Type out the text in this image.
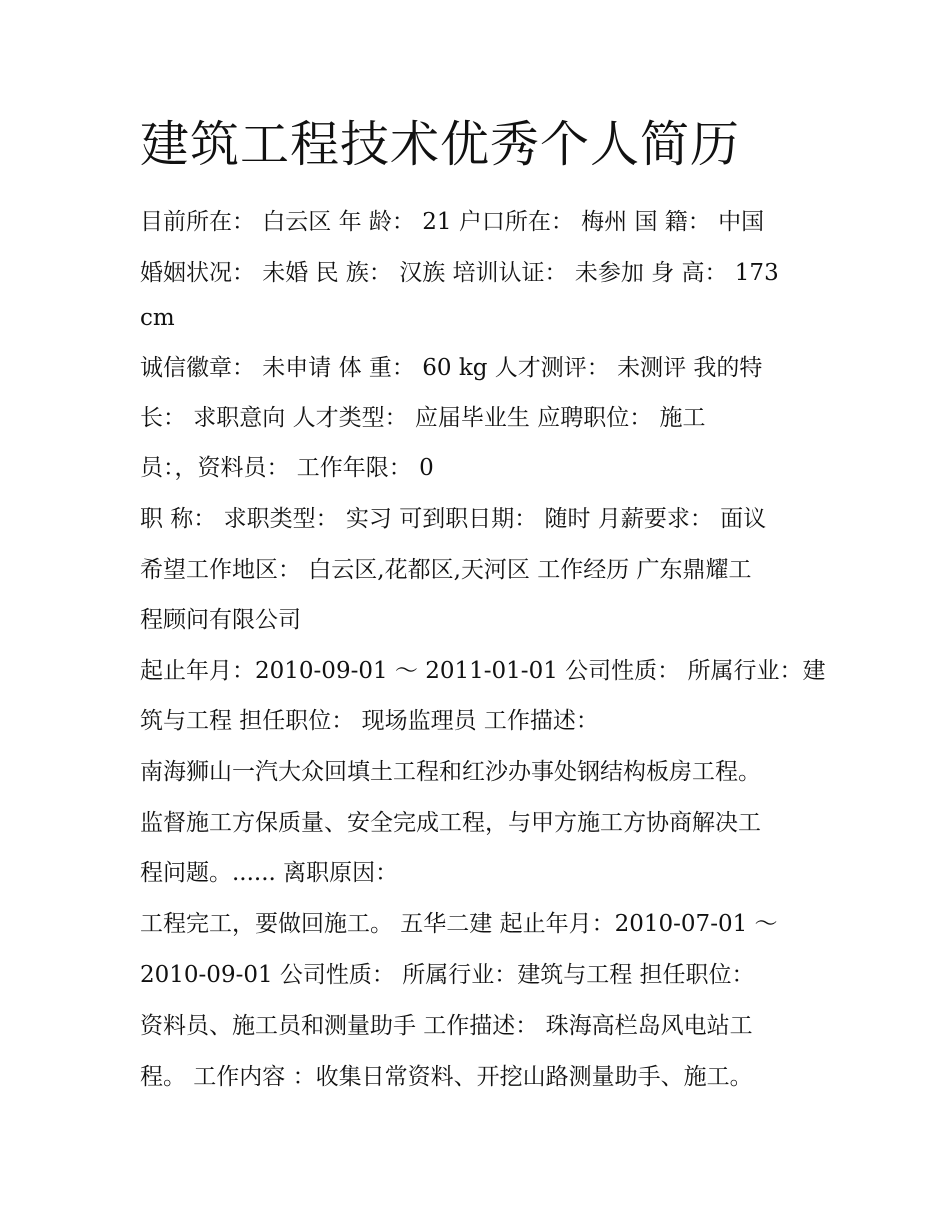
建筑工程技术优秀个人简历

目前所在： 白云区 年 龄： 21 户口所在： 梅州 国 籍： 中国

婚姻状况： 未婚 民 族： 汉族 培训认证： 未参加 身 高： 173

cm

诚信徽章： 未申请 体 重： 60 kg 人才测评： 未测评 我的特

长： 求职意向 人才类型： 应届毕业生 应聘职位： 施工

员：，资料员： 工作年限： 0

职 称： 求职类型： 实习 可到职日期： 随时 月薪要求： 面议

希望工作地区： 白云区,花都区,天河区 工作经历 广东鼎耀工

程顾问有限公司

起止年月：2010-09-01 ～ 2011-01-01 公司性质： 所属行业：建

筑与工程 担任职位： 现场监理员 工作描述：

南海狮山一汽大众回填土工程和红沙办事处钢结构板房工程。

监督施工方保质量、安全完成工程，与甲方施工方协商解决工

程问题。...... 离职原因：

工程完工，要做回施工。 五华二建 起止年月：2010-07-01 ～

2010-09-01 公司性质： 所属行业：建筑与工程 担任职位：

资料员、施工员和测量助手 工作描述： 珠海高栏岛风电站工

程。 工作内容 ：收集日常资料、开挖山路测量助手、施工。
